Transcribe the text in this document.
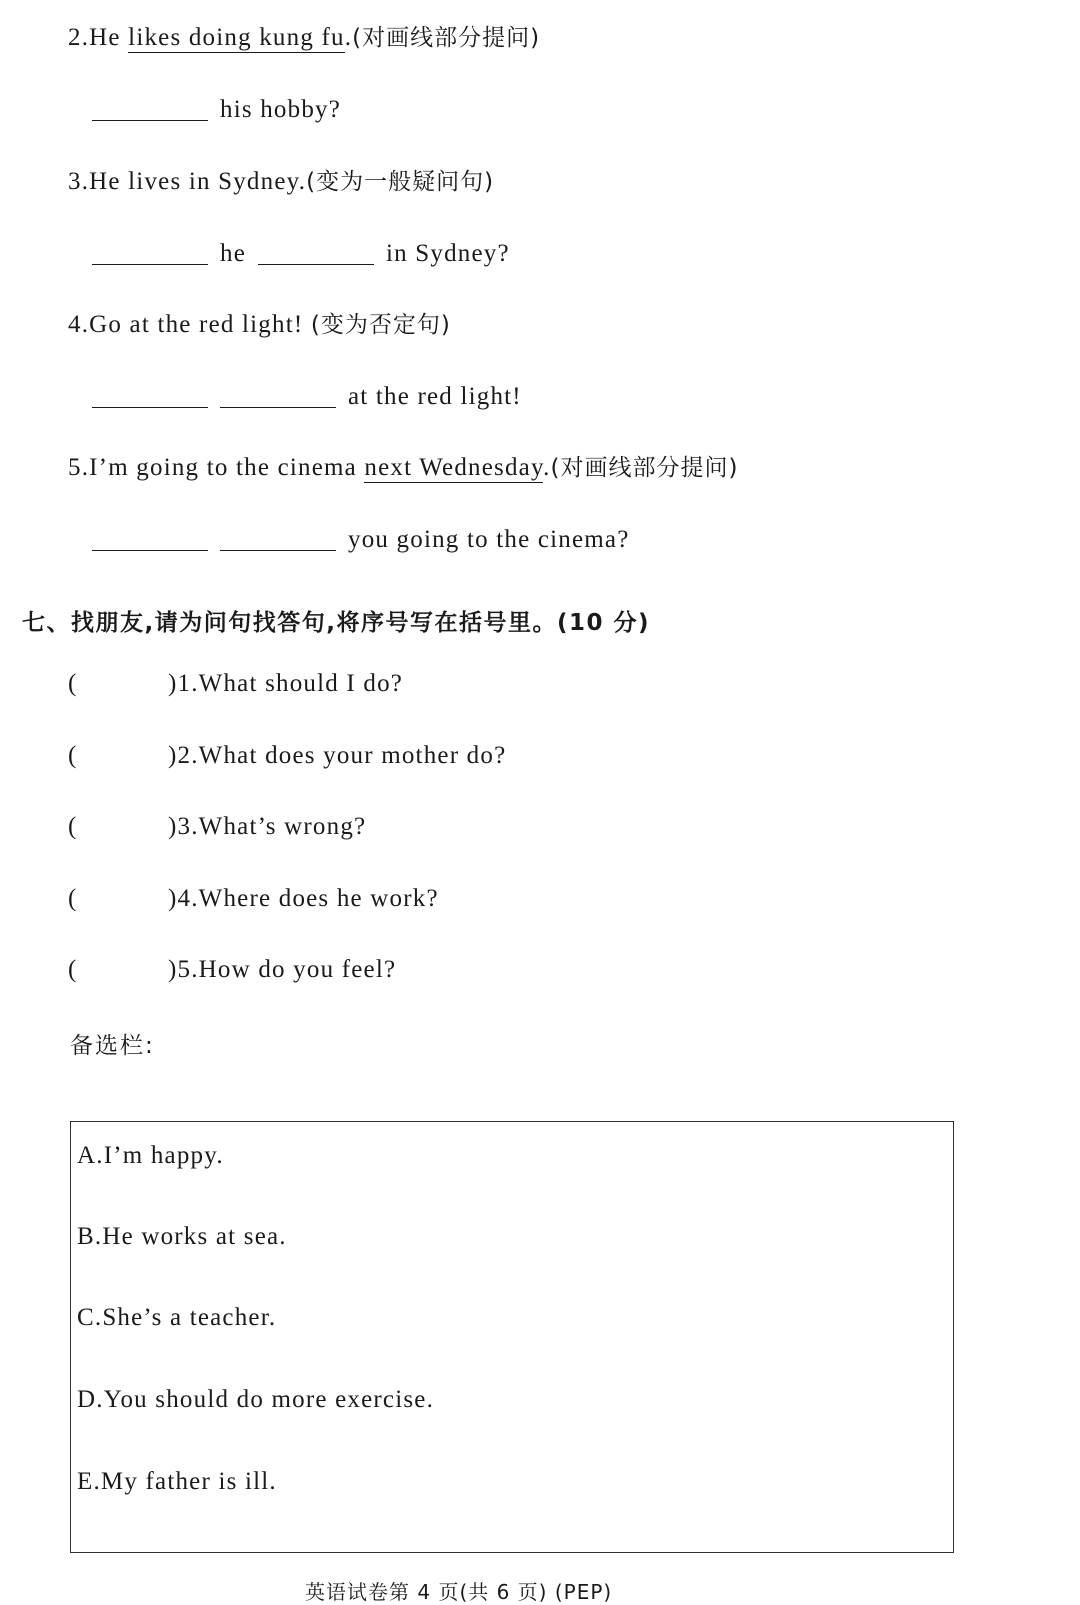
2.He likes doing kung fu.(对画线部分提问)
his hobby?
3.He lives in Sydney.(变为一般疑问句)
he	in Sydney?
4.Go at the red light! (变为否定句)
at the red light!
5.I’m going to the cinema next Wednesday.(对画线部分提问)
you going to the cinema?
七、找朋友,请为问句找答句,将序号写在括号里。(10 分)
(	)1.What should I do?
(	)2.What does your mother do?
(	)3.What’s wrong?
(	)4.Where does he work?
(	)5.How do you feel?
备选栏:
A.I’m happy.
B.He works at sea.
C.She’s a teacher.
D.You should do more exercise.
E.My father is ill.
英语试卷第 4 页(共 6 页) (PEP)
